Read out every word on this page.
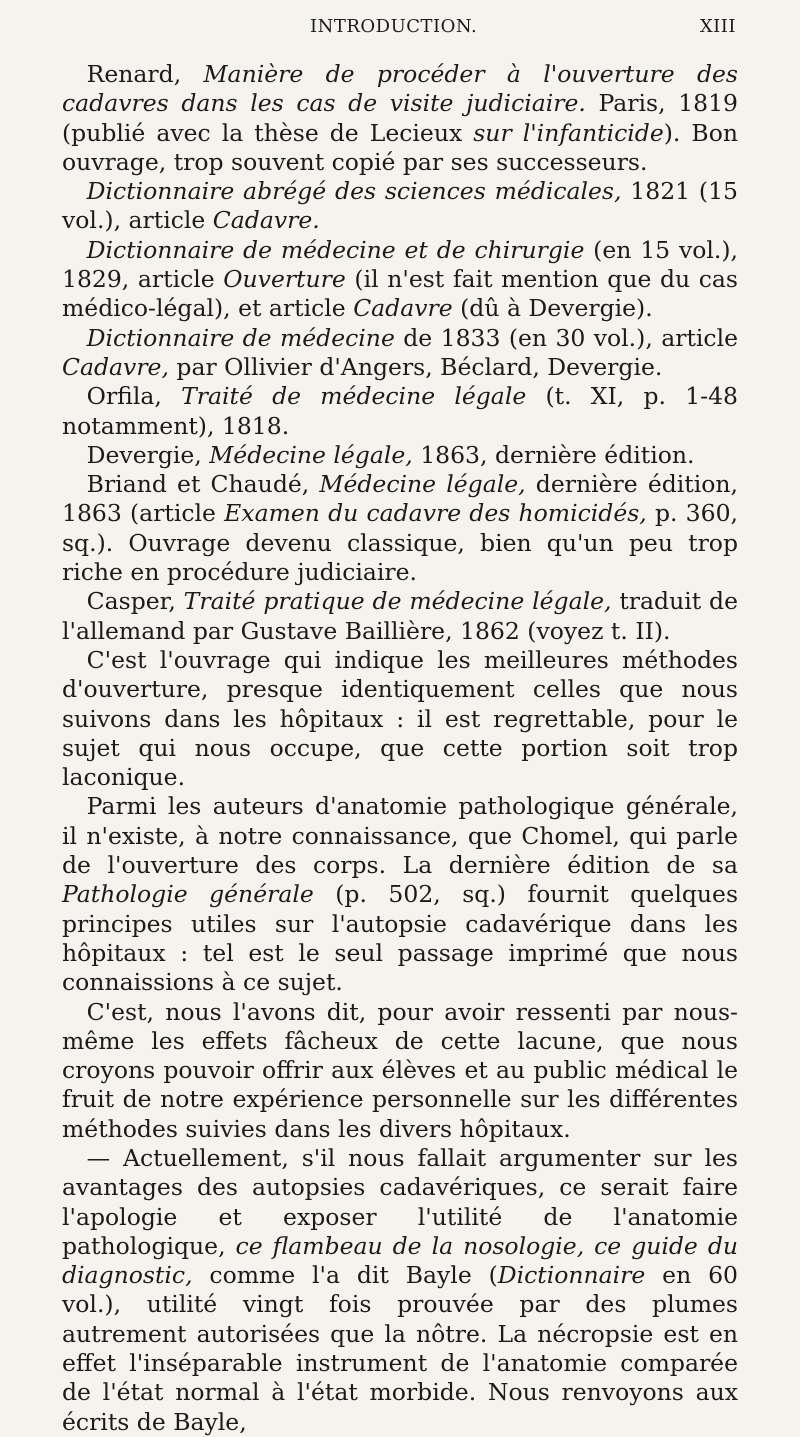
INTRODUCTION.	XIII

Renard, Manière de procéder à l'ouverture des cadavres dans les cas de visite judiciaire. Paris, 1819 (publié avec la thèse de Lecieux sur l'infanticide). Bon ouvrage, trop souvent copié par ses successeurs.

Dictionnaire abrégé des sciences médicales, 1821 (15 vol.), article Cadavre.

Dictionnaire de médecine et de chirurgie (en 15 vol.), 1829, article Ouverture (il n'est fait mention que du cas médico-légal), et article Cadavre (dû à Devergie).

Dictionnaire de médecine de 1833 (en 30 vol.), article Cadavre, par Ollivier d'Angers, Béclard, Devergie.

Orfila, Traité de médecine légale (t. XI, p. 1-48 notamment), 1818.

Devergie, Médecine légale, 1863, dernière édition.

Briand et Chaudé, Médecine légale, dernière édition, 1863 (article Examen du cadavre des homicidés, p. 360, sq.). Ouvrage devenu classique, bien qu'un peu trop riche en procédure judiciaire.

Casper, Traité pratique de médecine légale, traduit de l'allemand par Gustave Baillière, 1862 (voyez t. II).

C'est l'ouvrage qui indique les meilleures méthodes d'ouverture, presque identiquement celles que nous suivons dans les hôpitaux : il est regrettable, pour le sujet qui nous occupe, que cette portion soit trop laconique.

Parmi les auteurs d'anatomie pathologique générale, il n'existe, à notre connaissance, que Chomel, qui parle de l'ouverture des corps. La dernière édition de sa Pathologie générale (p. 502, sq.) fournit quelques principes utiles sur l'autopsie cadavérique dans les hôpitaux : tel est le seul passage imprimé que nous connaissions à ce sujet.

C'est, nous l'avons dit, pour avoir ressenti par nous-même les effets fâcheux de cette lacune, que nous croyons pouvoir offrir aux élèves et au public médical le fruit de notre expérience personnelle sur les différentes méthodes suivies dans les divers hôpitaux.

— Actuellement, s'il nous fallait argumenter sur les avantages des autopsies cadavériques, ce serait faire l'apologie et exposer l'utilité de l'anatomie pathologique, ce flambeau de la nosologie, ce guide du diagnostic, comme l'a dit Bayle (Dictionnaire en 60 vol.), utilité vingt fois prouvée par des plumes autrement autorisées que la nôtre. La nécropsie est en effet l'inséparable instrument de l'anatomie comparée de l'état normal à l'état morbide. Nous renvoyons aux écrits de Bayle,
